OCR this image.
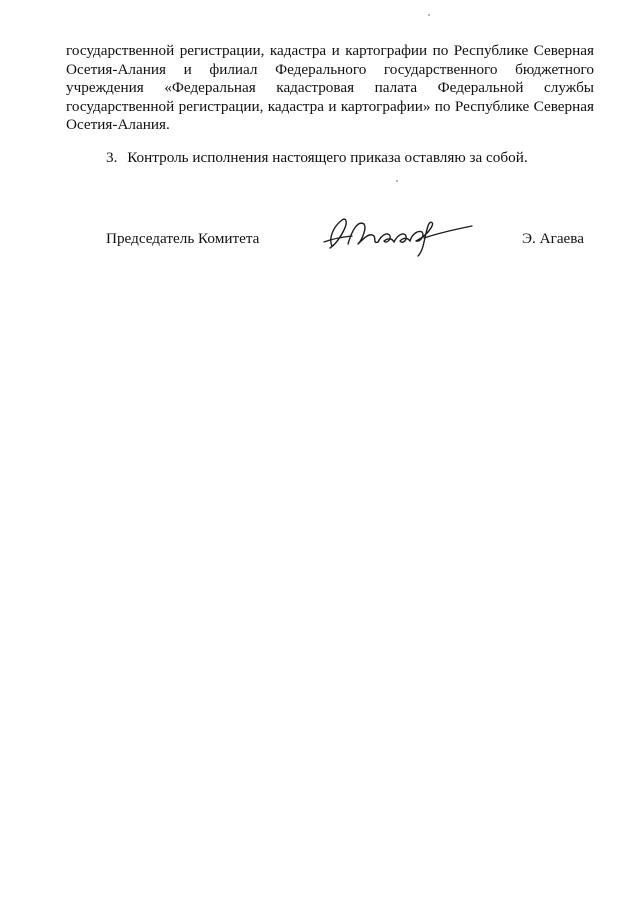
государственной регистрации, кадастра и картографии по Республике Северная
Осетия-Алания и филиал Федерального государственного бюджетного
учреждения «Федеральная кадастровая палата Федеральной службы
государственной регистрации, кадастра и картографии» по Республике Северная
Осетия-Алания.
3. Контроль исполнения настоящего приказа оставляю за собой.
Председатель Комитета	Э. Агаева
